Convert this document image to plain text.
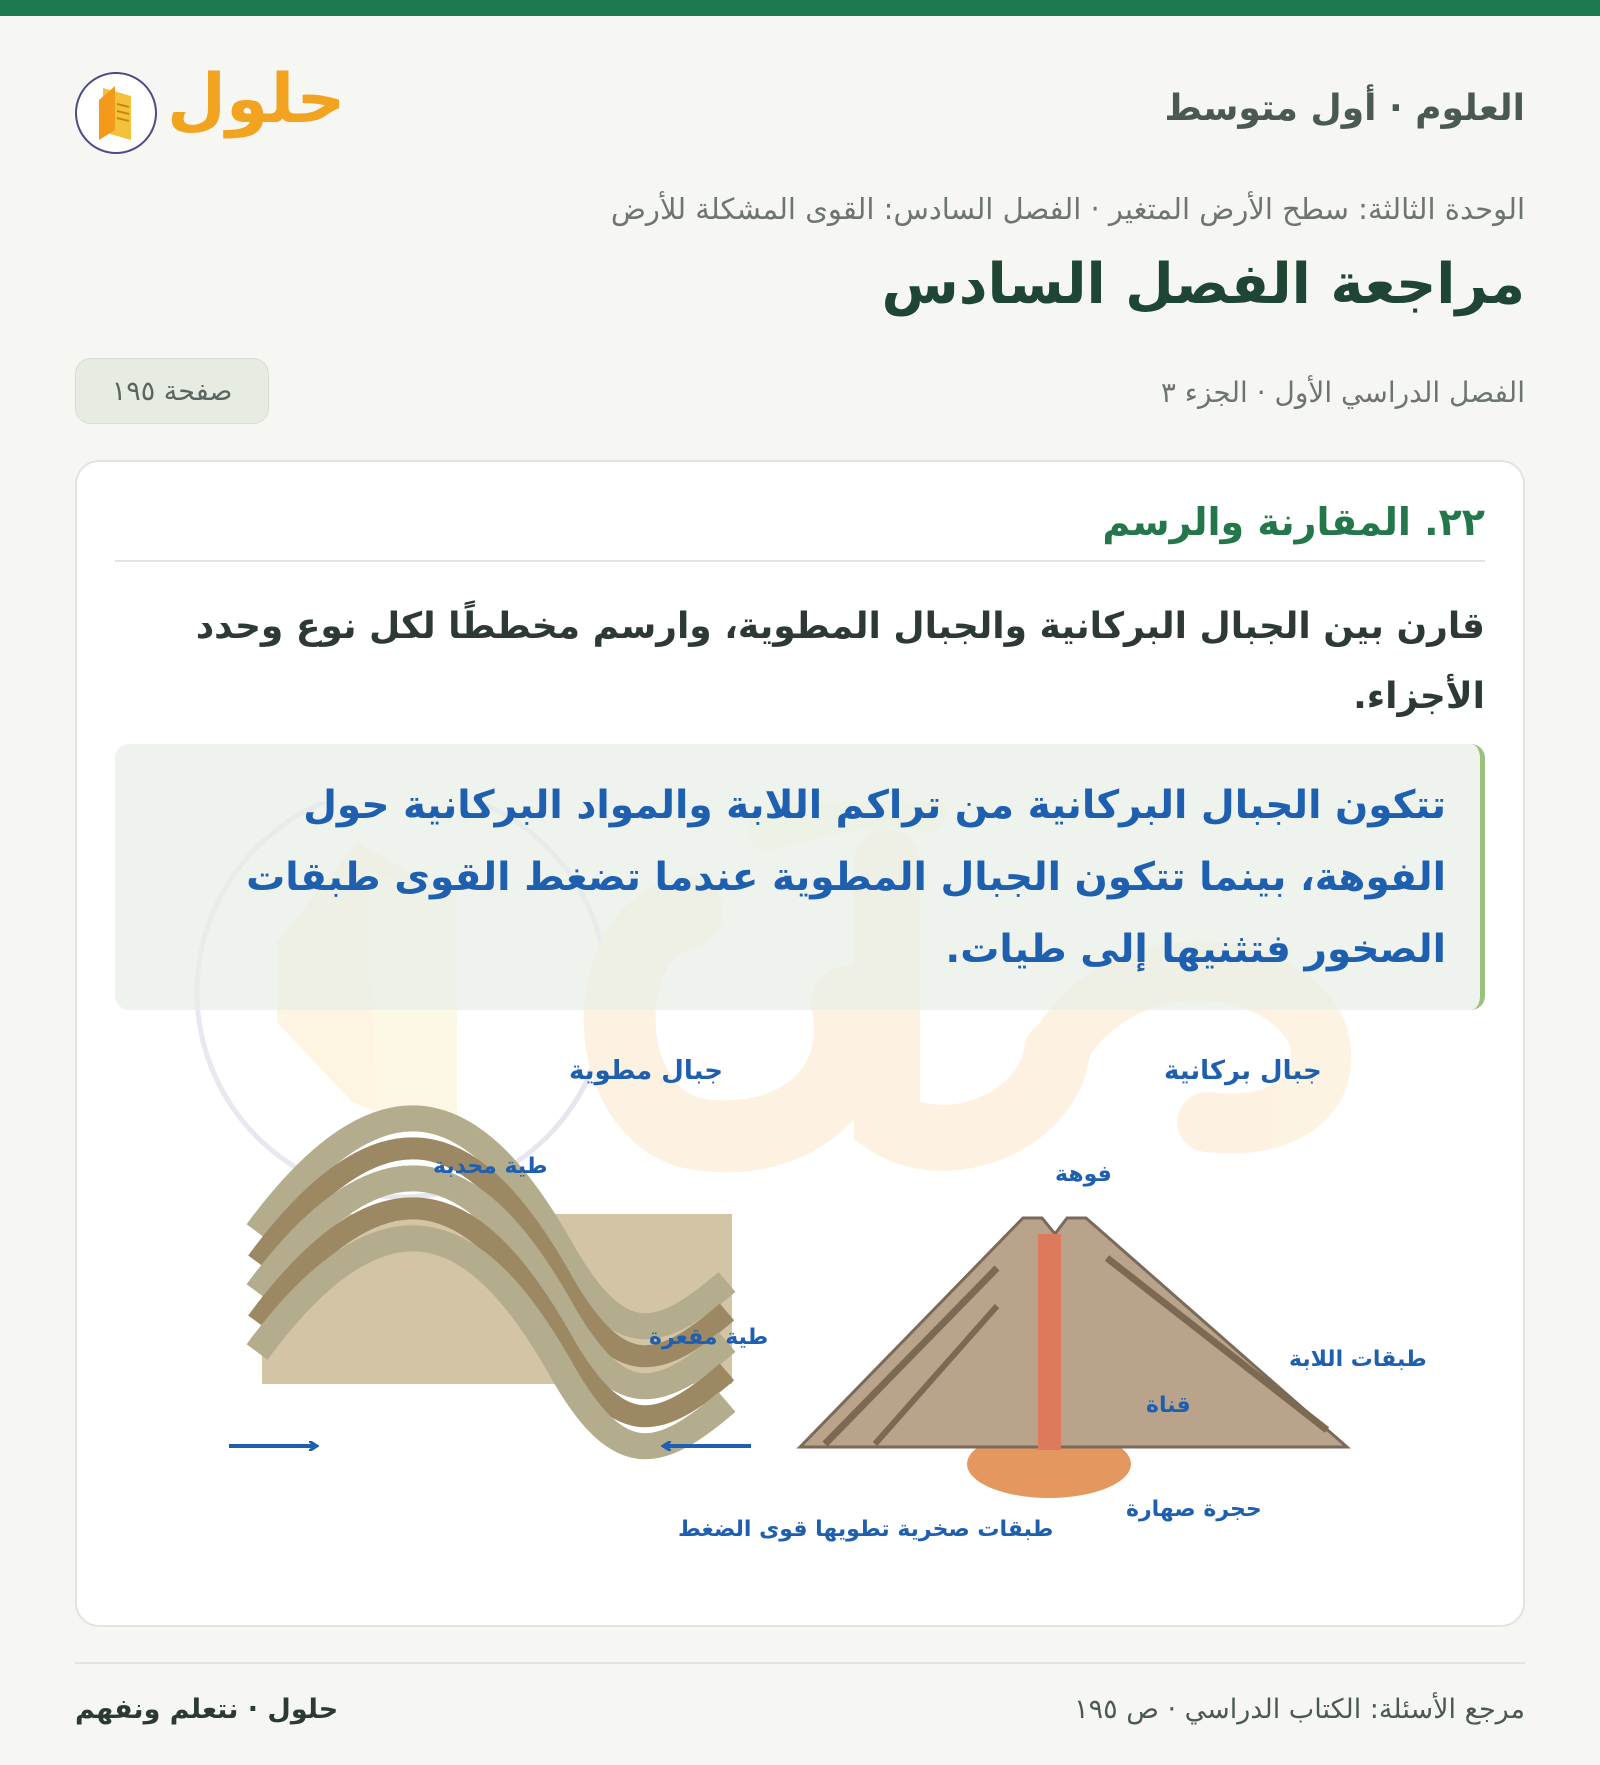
العلوم · أول متوسط
حلول
الوحدة الثالثة: سطح الأرض المتغير · الفصل السادس: القوى المشكلة للأرض
مراجعة الفصل السادس
الفصل الدراسي الأول · الجزء ٣
صفحة ١٩٥
٢٢. المقارنة والرسم
قارن بين الجبال البركانية والجبال المطوية، وارسم مخططًا لكل نوع وحدد الأجزاء.
تتكون الجبال البركانية من تراكم اللابة والمواد البركانية حول الفوهة، بينما تتكون الجبال المطوية عندما تضغط القوى طبقات الصخور فتثنيها إلى طيات.
جبال مطوية
طية محدبة
طية مقعرة
طبقات صخرية تطويها قوى الضغط
جبال بركانية
فوهة
طبقات اللابة
قناة
حجرة صهارة
مرجع الأسئلة: الكتاب الدراسي · ص ١٩٥
حلول · نتعلم ونفهم
